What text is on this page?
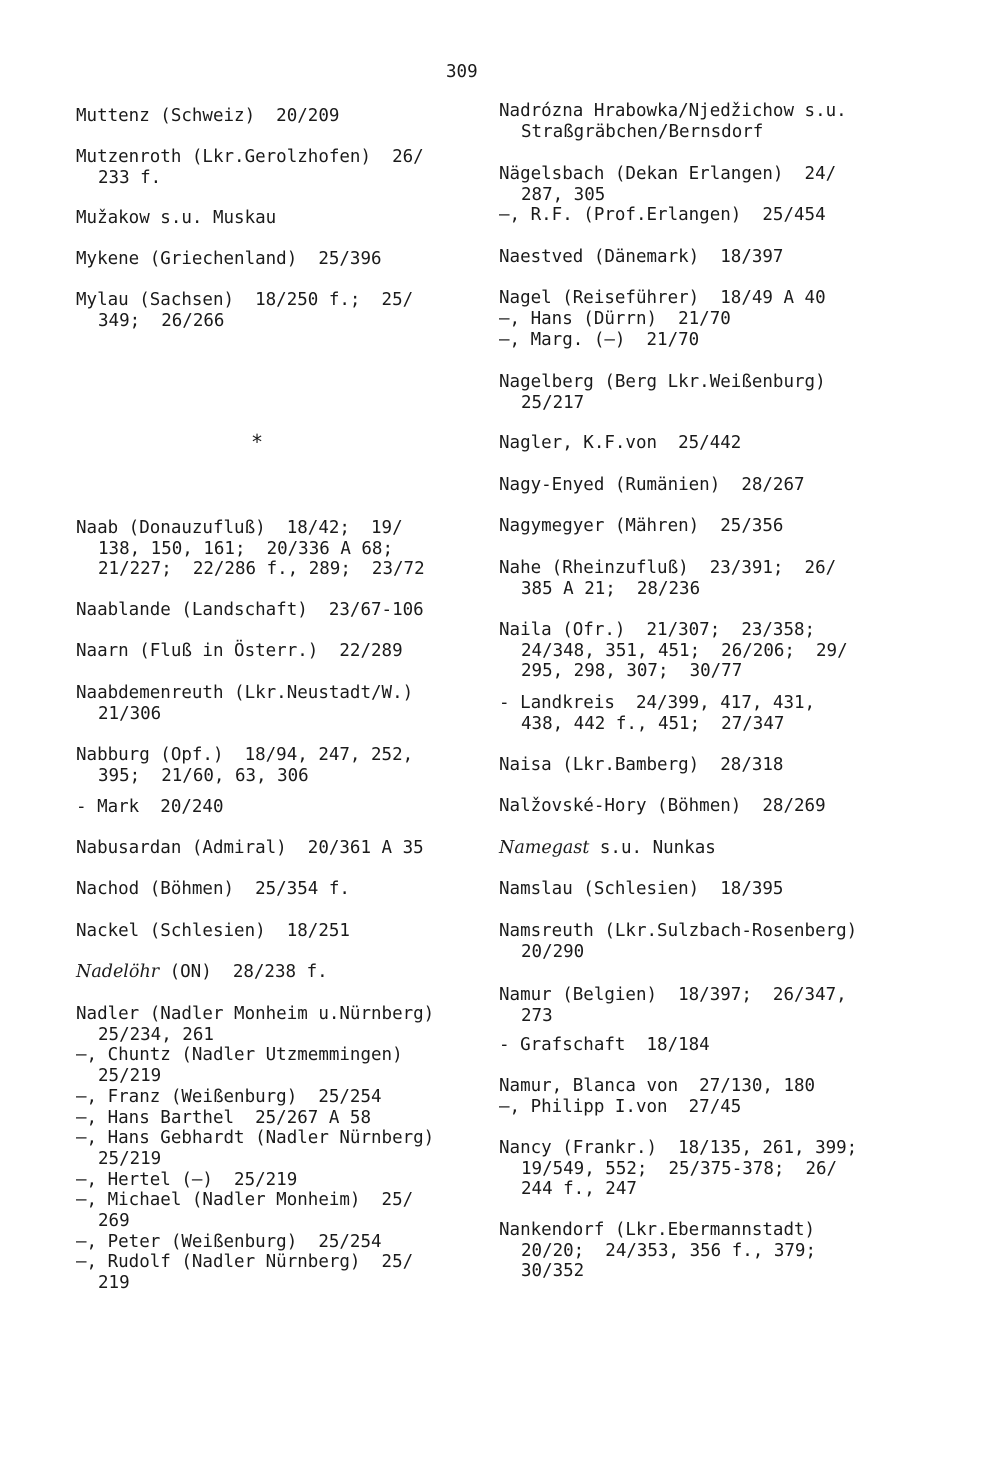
309
*
Muttenz (Schweiz)  20/209
Mutzenroth (Lkr.Gerolzhofen)  26/
233 f.
Mužakow s.u. Muskau
Mykene (Griechenland)  25/396
Mylau (Sachsen)  18/250 f.;  25/
349;  26/266
Naab (Donauzufluß)  18/42;  19/
138, 150, 161;  20/336 A 68;
21/227;  22/286 f., 289;  23/72
Naablande (Landschaft)  23/67-106
Naarn (Fluß in Österr.)  22/289
Naabdemenreuth (Lkr.Neustadt/W.)
21/306
Nabburg (Opf.)  18/94, 247, 252,
395;  21/60, 63, 306
- Mark  20/240
Nabusardan (Admiral)  20/361 A 35
Nachod (Böhmen)  25/354 f.
Nackel (Schlesien)  18/251
Nadelöhr (ON)  28/238 f.
Nadler (Nadler Monheim u.Nürnberg)
25/234, 261
—, Chuntz (Nadler Utzmemmingen)
25/219
—, Franz (Weißenburg)  25/254
—, Hans Barthel  25/267 A 58
—, Hans Gebhardt (Nadler Nürnberg)
25/219
—, Hertel (—)  25/219
—, Michael (Nadler Monheim)  25/
269
—, Peter (Weißenburg)  25/254
—, Rudolf (Nadler Nürnberg)  25/
219
Nadrózna Hrabowka/Njedžichow s.u.
Straßgräbchen/Bernsdorf
Nägelsbach (Dekan Erlangen)  24/
287, 305
—, R.F. (Prof.Erlangen)  25/454
Naestved (Dänemark)  18/397
Nagel (Reiseführer)  18/49 A 40
—, Hans (Dürrn)  21/70
—, Marg. (—)  21/70
Nagelberg (Berg Lkr.Weißenburg)
25/217
Nagler, K.F.von  25/442
Nagy-Enyed (Rumänien)  28/267
Nagymegyer (Mähren)  25/356
Nahe (Rheinzufluß)  23/391;  26/
385 A 21;  28/236
Naila (Ofr.)  21/307;  23/358;
24/348, 351, 451;  26/206;  29/
295, 298, 307;  30/77
- Landkreis  24/399, 417, 431,
438, 442 f., 451;  27/347
Naisa (Lkr.Bamberg)  28/318
Nalžovské-Hory (Böhmen)  28/269
Namegast s.u. Nunkas
Namslau (Schlesien)  18/395
Namsreuth (Lkr.Sulzbach-Rosenberg)
20/290
Namur (Belgien)  18/397;  26/347,
273
- Grafschaft  18/184
Namur, Blanca von  27/130, 180
—, Philipp I.von  27/45
Nancy (Frankr.)  18/135, 261, 399;
19/549, 552;  25/375-378;  26/
244 f., 247
Nankendorf (Lkr.Ebermannstadt)
20/20;  24/353, 356 f., 379;
30/352
